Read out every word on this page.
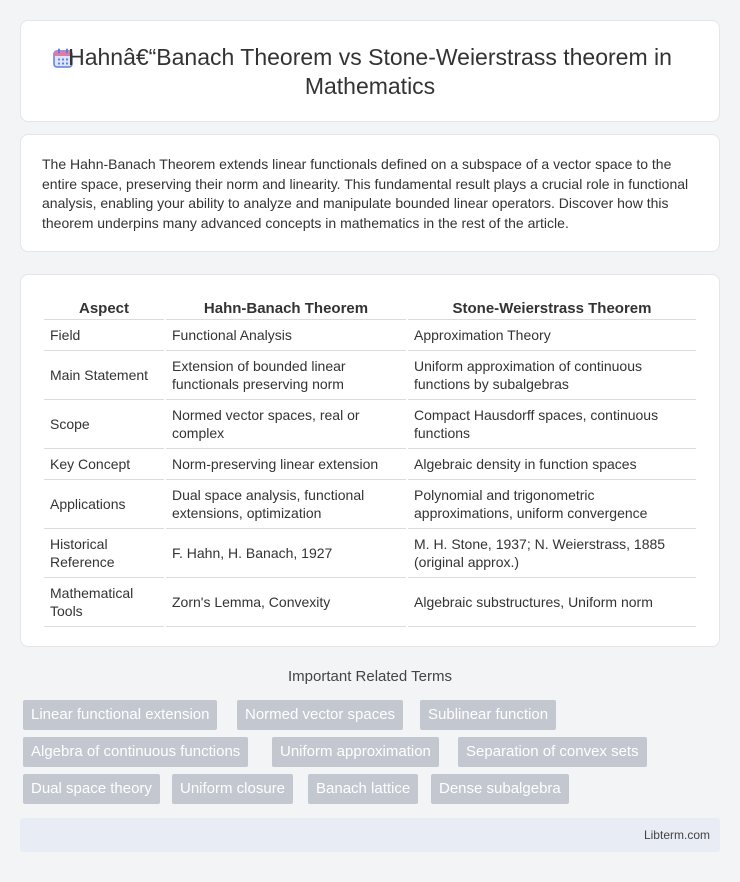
Hahnâ€“Banach Theorem vs Stone-Weierstrass theorem in Mathematics

The Hahn-Banach Theorem extends linear functionals defined on a subspace of a vector space to the entire space, preserving their norm and linearity. This fundamental result plays a crucial role in functional analysis, enabling your ability to analyze and manipulate bounded linear operators. Discover how this theorem underpins many advanced concepts in mathematics in the rest of the article.

Aspect	Hahn-Banach Theorem	Stone-Weierstrass Theorem
Field	Functional Analysis	Approximation Theory
Main Statement	Extension of bounded linear functionals preserving norm	Uniform approximation of continuous functions by subalgebras
Scope	Normed vector spaces, real or complex	Compact Hausdorff spaces, continuous functions
Key Concept	Norm-preserving linear extension	Algebraic density in function spaces
Applications	Dual space analysis, functional extensions, optimization	Polynomial and trigonometric approximations, uniform convergence
Historical Reference	F. Hahn, H. Banach, 1927	M. H. Stone, 1937; N. Weierstrass, 1885 (original approx.)
Mathematical Tools	Zorn's Lemma, Convexity	Algebraic substructures, Uniform norm
Important Related Terms
Linear functional extension	Normed vector spaces	Sublinear function
Algebra of continuous functions	Uniform approximation	Separation of convex sets
Dual space theory	Uniform closure	Banach lattice	Dense subalgebra
Libterm.com
